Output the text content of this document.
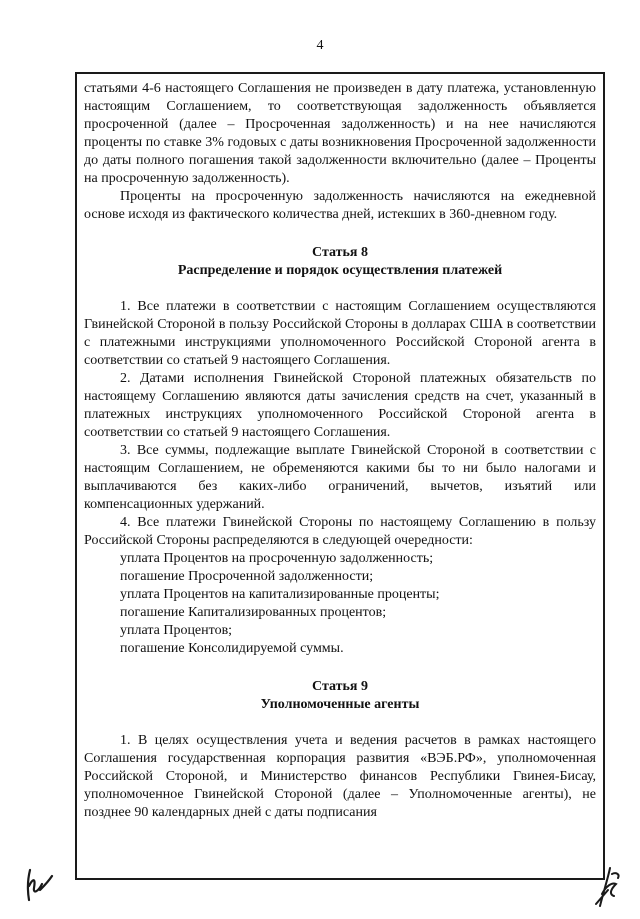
4

статьями 4-6 настоящего Соглашения не произведен в дату платежа, установленную настоящим Соглашением, то соответствующая задолженность объявляется просроченной (далее – Просроченная задолженность) и на нее начисляются проценты по ставке 3% годовых с даты возникновения Просроченной задолженности до даты полного погашения такой задолженности включительно (далее – Проценты на просроченную задолженность).

Проценты на просроченную задолженность начисляются на ежедневной основе исходя из фактического количества дней, истекших в 360-дневном году.

Статья 8
Распределение и порядок осуществления платежей

1. Все платежи в соответствии с настоящим Соглашением осуществляются Гвинейской Стороной в пользу Российской Стороны в долларах США в соответствии с платежными инструкциями уполномоченного Российской Стороной агента в соответствии со статьей 9 настоящего Соглашения.

2. Датами исполнения Гвинейской Стороной платежных обязательств по настоящему Соглашению являются даты зачисления средств на счет, указанный в платежных инструкциях уполномоченного Российской Стороной агента в соответствии со статьей 9 настоящего Соглашения.

3. Все суммы, подлежащие выплате Гвинейской Стороной в соответствии с настоящим Соглашением, не обременяются какими бы то ни было налогами и выплачиваются без каких-либо ограничений, вычетов, изъятий или компенсационных удержаний.

4. Все платежи Гвинейской Стороны по настоящему Соглашению в пользу Российской Стороны распределяются в следующей очередности:

уплата Процентов на просроченную задолженность;

погашение Просроченной задолженности;

уплата Процентов на капитализированные проценты;

погашение Капитализированных процентов;

уплата Процентов;

погашение Консолидируемой суммы.

Статья 9
Уполномоченные агенты

1. В целях осуществления учета и ведения расчетов в рамках настоящего Соглашения государственная корпорация развития «ВЭБ.РФ», уполномоченная Российской Стороной, и Министерство финансов Республики Гвинея-Бисау, уполномоченное Гвинейской Стороной (далее – Уполномоченные агенты), не позднее 90 календарных дней с даты подписания
